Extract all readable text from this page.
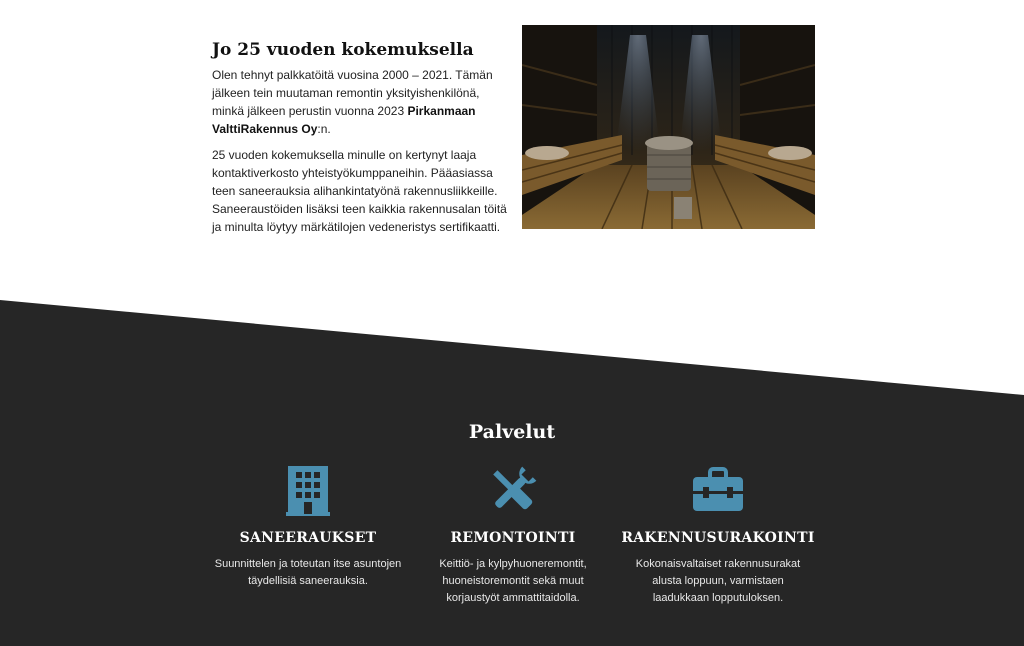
Jo 25 vuoden kokemuksella

Olen tehnyt palkkatöitä vuosina 2000 – 2021. Tämän jälkeen tein muutaman remontin yksityishenkilönä, minkä jälkeen perustin vuonna 2023 Pirkanmaan ValttiRakennus Oy:n.

25 vuoden kokemuksella minulle on kertynyt laaja kontaktiverkosto yhteistyökumppaneihin. Pääasiassa teen saneerauksia alihankintatyönä rakennusliikkeille. Saneeraustöiden lisäksi teen kaikkia rakennusalan töitä ja minulta löytyy märkätilojen vedeneristys sertifikaatti.

Palvelut
SANEERAUKSET

Suunnittelen ja toteutan itse asuntojen täydellisiä saneerauksia.

REMONTOINTI

Keittiö- ja kylpyhuoneremontit, huoneistoremontit sekä muut korjaustyöt ammattitaidolla.

RAKENNUSURAKOINTI

Kokonaisvaltaiset rakennusurakat alusta loppuun, varmistaen laadukkaan lopputuloksen.
